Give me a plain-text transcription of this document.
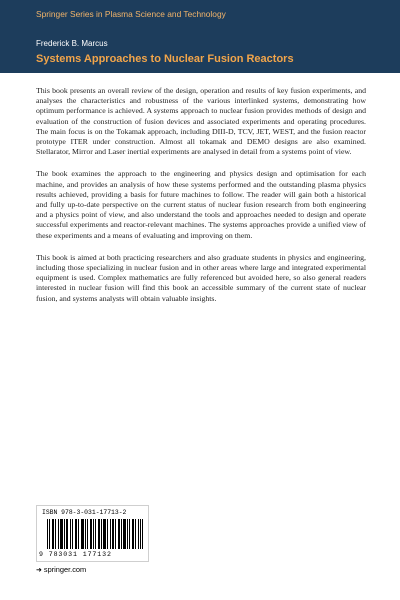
Springer Series in Plasma Science and Technology
Frederick B. Marcus
Systems Approaches to Nuclear Fusion Reactors

This book presents an overall review of the design, operation and results of key fusion experiments, and analyses the characteristics and robustness of the various interlinked systems, demonstrating how optimum performance is achieved. A systems approach to nuclear fusion provides methods of design and evaluation of the construction of fusion devices and associated experiments and operating procedures. The main focus is on the Tokamak approach, including DIII-D, TCV, JET, WEST, and the fusion reactor prototype ITER under construction. Almost all tokamak and DEMO designs are also examined. Stellarator, Mirror and Laser inertial experiments are analysed in detail from a systems point of view.

The book examines the approach to the engineering and physics design and optimisation for each machine, and provides an analysis of how these systems performed and the outstanding plasma physics results achieved, providing a basis for future machines to follow. The reader will gain both a historical and fully up-to-date perspective on the current status of nuclear fusion research from both engineering and a physics point of view, and also understand the tools and approaches needed to design and operate successful experiments and reactor-relevant machines. The systems approaches provide a unified view of these experiments and a means of evaluating and improving on them.

This book is aimed at both practicing researchers and also graduate students in physics and engineering, including those specializing in nuclear fusion and in other areas where large and integrated experimental equipment is used. Complex mathematics are fully referenced but avoided here, so also general readers interested in nuclear fusion will find this book an accessible summary of the current state of nuclear fusion, and systems analysts will obtain valuable insights.

ISBN 978-3-031-17713-2
9 783031 177132
➜ springer.com
